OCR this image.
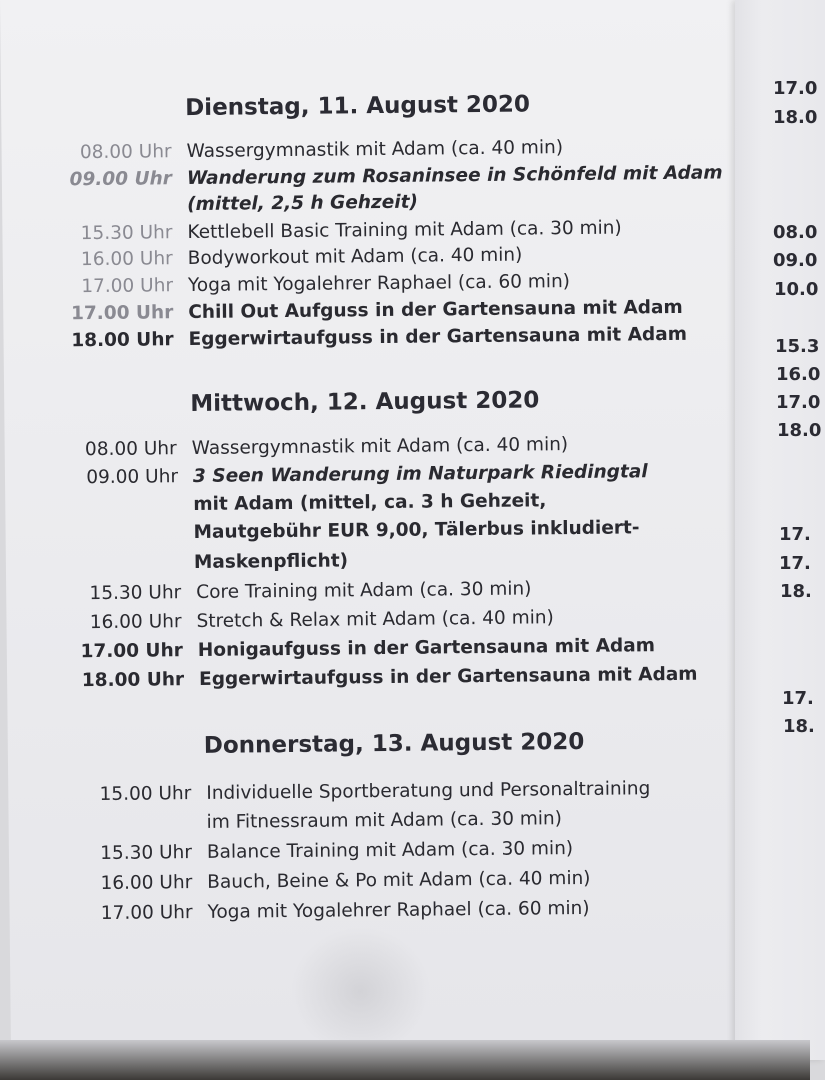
Dienstag, 11. August 2020
08.00 Uhr Wassergymnastik mit Adam (ca. 40 min)
09.00 Uhr Wanderung zum Rosaninsee in Schönfeld mit Adam
(mittel, 2,5 h Gehzeit)
15.30 Uhr Kettlebell Basic Training mit Adam (ca. 30 min)
16.00 Uhr Bodyworkout mit Adam (ca. 40 min)
17.00 Uhr Yoga mit Yogalehrer Raphael (ca. 60 min)
17.00 Uhr Chill Out Aufguss in der Gartensauna mit Adam
18.00 Uhr Eggerwirtaufguss in der Gartensauna mit Adam
Mittwoch, 12. August 2020
08.00 Uhr Wassergymnastik mit Adam (ca. 40 min)
09.00 Uhr 3 Seen Wanderung im Naturpark Riedingtal
mit Adam (mittel, ca. 3 h Gehzeit,
Mautgebühr EUR 9,00, Tälerbus inkludiert-
Maskenpflicht)
15.30 Uhr Core Training mit Adam (ca. 30 min)
16.00 Uhr Stretch & Relax mit Adam (ca. 40 min)
17.00 Uhr Honigaufguss in der Gartensauna mit Adam
18.00 Uhr Eggerwirtaufguss in der Gartensauna mit Adam
Donnerstag, 13. August 2020
15.00 Uhr Individuelle Sportberatung und Personaltraining
im Fitnessraum mit Adam (ca. 30 min)
15.30 Uhr Balance Training mit Adam (ca. 30 min)
16.00 Uhr Bauch, Beine & Po mit Adam (ca. 40 min)
17.00 Uhr Yoga mit Yogalehrer Raphael (ca. 60 min)
17.0
18.0
08.0
09.0
10.0
15.3
16.0
17.0
18.0
17.
17.
18.
17.
18.
